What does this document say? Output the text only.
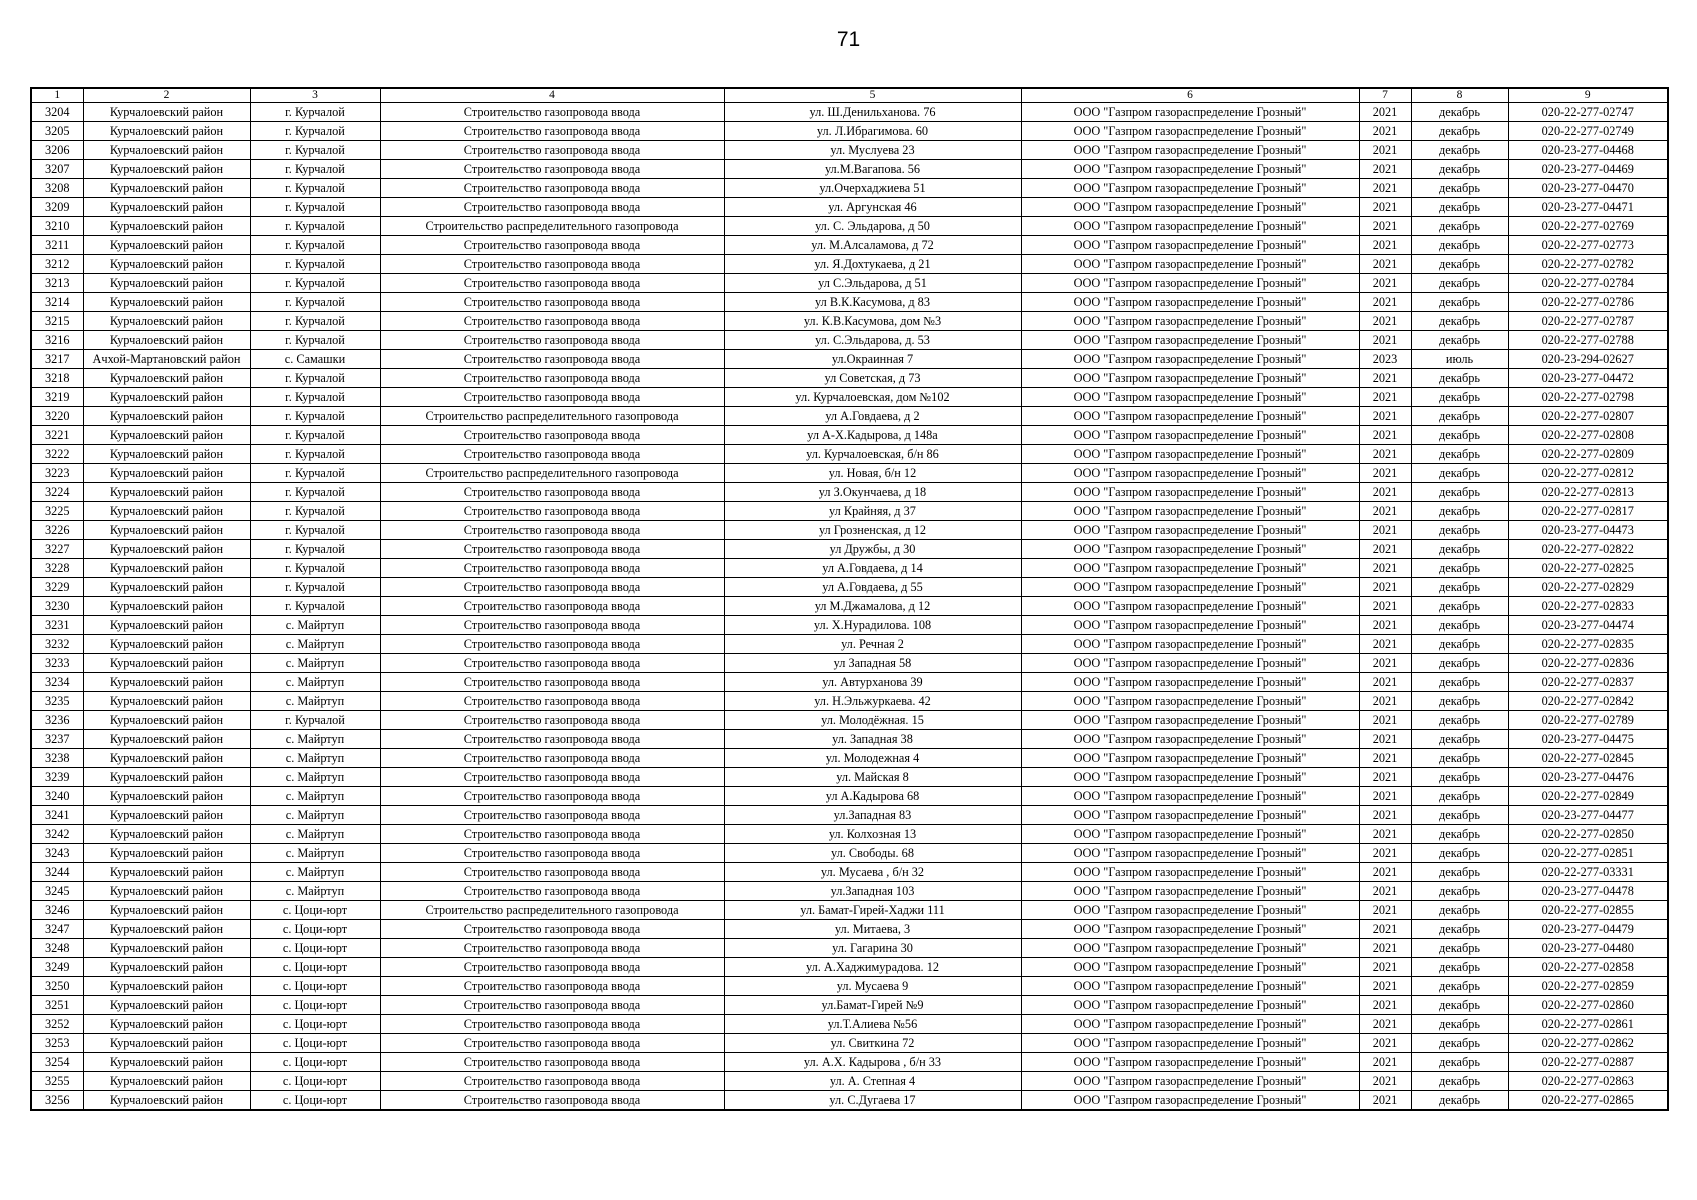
71
1	2	3	4	5	6	7	8	9
3204	Курчалоевский район	г. Курчалой	Строительство газопровода ввода	ул. Ш.Денильханова. 76	ООО "Газпром газораспределение Грозный"	2021	декабрь	020-22-277-02747
3205	Курчалоевский район	г. Курчалой	Строительство газопровода ввода	ул. Л.Ибрагимова. 60	ООО "Газпром газораспределение Грозный"	2021	декабрь	020-22-277-02749
3206	Курчалоевский район	г. Курчалой	Строительство газопровода ввода	ул. Муслуева 23	ООО "Газпром газораспределение Грозный"	2021	декабрь	020-23-277-04468
3207	Курчалоевский район	г. Курчалой	Строительство газопровода ввода	ул.М.Вагапова. 56	ООО "Газпром газораспределение Грозный"	2021	декабрь	020-23-277-04469
3208	Курчалоевский район	г. Курчалой	Строительство газопровода ввода	ул.Очерхаджиева 51	ООО "Газпром газораспределение Грозный"	2021	декабрь	020-23-277-04470
3209	Курчалоевский район	г. Курчалой	Строительство газопровода ввода	ул. Аргунская 46	ООО "Газпром газораспределение Грозный"	2021	декабрь	020-23-277-04471
3210	Курчалоевский район	г. Курчалой	Строительство распределительного газопровода	ул. С. Эльдарова, д 50	ООО "Газпром газораспределение Грозный"	2021	декабрь	020-22-277-02769
3211	Курчалоевский район	г. Курчалой	Строительство газопровода ввода	ул. М.Алсаламова, д 72	ООО "Газпром газораспределение Грозный"	2021	декабрь	020-22-277-02773
3212	Курчалоевский район	г. Курчалой	Строительство газопровода ввода	ул. Я.Дохтукаева, д 21	ООО "Газпром газораспределение Грозный"	2021	декабрь	020-22-277-02782
3213	Курчалоевский район	г. Курчалой	Строительство газопровода ввода	ул С.Эльдарова, д 51	ООО "Газпром газораспределение Грозный"	2021	декабрь	020-22-277-02784
3214	Курчалоевский район	г. Курчалой	Строительство газопровода ввода	ул В.К.Касумова, д 83	ООО "Газпром газораспределение Грозный"	2021	декабрь	020-22-277-02786
3215	Курчалоевский район	г. Курчалой	Строительство газопровода ввода	ул. К.В.Касумова, дом №3	ООО "Газпром газораспределение Грозный"	2021	декабрь	020-22-277-02787
3216	Курчалоевский район	г. Курчалой	Строительство газопровода ввода	ул. С.Эльдарова, д. 53	ООО "Газпром газораспределение Грозный"	2021	декабрь	020-22-277-02788
3217	Ачхой-Мартановский район	с. Самашки	Строительство газопровода ввода	ул.Окраинная 7	ООО "Газпром газораспределение Грозный"	2023	июль	020-23-294-02627
3218	Курчалоевский район	г. Курчалой	Строительство газопровода ввода	ул Советская, д 73	ООО "Газпром газораспределение Грозный"	2021	декабрь	020-23-277-04472
3219	Курчалоевский район	г. Курчалой	Строительство газопровода ввода	ул. Курчалоевская, дом №102	ООО "Газпром газораспределение Грозный"	2021	декабрь	020-22-277-02798
3220	Курчалоевский район	г. Курчалой	Строительство распределительного газопровода	ул А.Говдаева, д 2	ООО "Газпром газораспределение Грозный"	2021	декабрь	020-22-277-02807
3221	Курчалоевский район	г. Курчалой	Строительство газопровода ввода	ул А-Х.Кадырова, д 148а	ООО "Газпром газораспределение Грозный"	2021	декабрь	020-22-277-02808
3222	Курчалоевский район	г. Курчалой	Строительство газопровода ввода	ул. Курчалоевская, б/н 86	ООО "Газпром газораспределение Грозный"	2021	декабрь	020-22-277-02809
3223	Курчалоевский район	г. Курчалой	Строительство распределительного газопровода	ул. Новая, б/н 12	ООО "Газпром газораспределение Грозный"	2021	декабрь	020-22-277-02812
3224	Курчалоевский район	г. Курчалой	Строительство газопровода ввода	ул З.Окунчаева, д 18	ООО "Газпром газораспределение Грозный"	2021	декабрь	020-22-277-02813
3225	Курчалоевский район	г. Курчалой	Строительство газопровода ввода	ул Крайняя, д 37	ООО "Газпром газораспределение Грозный"	2021	декабрь	020-22-277-02817
3226	Курчалоевский район	г. Курчалой	Строительство газопровода ввода	ул Грозненская, д 12	ООО "Газпром газораспределение Грозный"	2021	декабрь	020-23-277-04473
3227	Курчалоевский район	г. Курчалой	Строительство газопровода ввода	ул Дружбы, д 30	ООО "Газпром газораспределение Грозный"	2021	декабрь	020-22-277-02822
3228	Курчалоевский район	г. Курчалой	Строительство газопровода ввода	ул А.Говдаева, д 14	ООО "Газпром газораспределение Грозный"	2021	декабрь	020-22-277-02825
3229	Курчалоевский район	г. Курчалой	Строительство газопровода ввода	ул А.Говдаева, д 55	ООО "Газпром газораспределение Грозный"	2021	декабрь	020-22-277-02829
3230	Курчалоевский район	г. Курчалой	Строительство газопровода ввода	ул М.Джамалова, д 12	ООО "Газпром газораспределение Грозный"	2021	декабрь	020-22-277-02833
3231	Курчалоевский район	с. Майртуп	Строительство газопровода ввода	ул. Х.Нурадилова. 108	ООО "Газпром газораспределение Грозный"	2021	декабрь	020-23-277-04474
3232	Курчалоевский район	с. Майртуп	Строительство газопровода ввода	ул. Речная 2	ООО "Газпром газораспределение Грозный"	2021	декабрь	020-22-277-02835
3233	Курчалоевский район	с. Майртуп	Строительство газопровода ввода	ул Западная 58	ООО "Газпром газораспределение Грозный"	2021	декабрь	020-22-277-02836
3234	Курчалоевский район	с. Майртуп	Строительство газопровода ввода	ул. Автурханова 39	ООО "Газпром газораспределение Грозный"	2021	декабрь	020-22-277-02837
3235	Курчалоевский район	с. Майртуп	Строительство газопровода ввода	ул. Н.Эльжуркаева. 42	ООО "Газпром газораспределение Грозный"	2021	декабрь	020-22-277-02842
3236	Курчалоевский район	г. Курчалой	Строительство газопровода ввода	ул. Молодёжная. 15	ООО "Газпром газораспределение Грозный"	2021	декабрь	020-22-277-02789
3237	Курчалоевский район	с. Майртуп	Строительство газопровода ввода	ул. Западная 38	ООО "Газпром газораспределение Грозный"	2021	декабрь	020-23-277-04475
3238	Курчалоевский район	с. Майртуп	Строительство газопровода ввода	ул. Молодежная 4	ООО "Газпром газораспределение Грозный"	2021	декабрь	020-22-277-02845
3239	Курчалоевский район	с. Майртуп	Строительство газопровода ввода	ул. Майская 8	ООО "Газпром газораспределение Грозный"	2021	декабрь	020-23-277-04476
3240	Курчалоевский район	с. Майртуп	Строительство газопровода ввода	ул А.Кадырова 68	ООО "Газпром газораспределение Грозный"	2021	декабрь	020-22-277-02849
3241	Курчалоевский район	с. Майртуп	Строительство газопровода ввода	ул.Западная 83	ООО "Газпром газораспределение Грозный"	2021	декабрь	020-23-277-04477
3242	Курчалоевский район	с. Майртуп	Строительство газопровода ввода	ул. Колхозная 13	ООО "Газпром газораспределение Грозный"	2021	декабрь	020-22-277-02850
3243	Курчалоевский район	с. Майртуп	Строительство газопровода ввода	ул. Свободы. 68	ООО "Газпром газораспределение Грозный"	2021	декабрь	020-22-277-02851
3244	Курчалоевский район	с. Майртуп	Строительство газопровода ввода	ул. Мусаева , б/н 32	ООО "Газпром газораспределение Грозный"	2021	декабрь	020-22-277-03331
3245	Курчалоевский район	с. Майртуп	Строительство газопровода ввода	ул.Западная 103	ООО "Газпром газораспределение Грозный"	2021	декабрь	020-23-277-04478
3246	Курчалоевский район	с. Цоци-юрт	Строительство распределительного газопровода	ул. Бамат-Гирей-Хаджи 111	ООО "Газпром газораспределение Грозный"	2021	декабрь	020-22-277-02855
3247	Курчалоевский район	с. Цоци-юрт	Строительство газопровода ввода	ул. Митаева, 3	ООО "Газпром газораспределение Грозный"	2021	декабрь	020-23-277-04479
3248	Курчалоевский район	с. Цоци-юрт	Строительство газопровода ввода	ул. Гагарина 30	ООО "Газпром газораспределение Грозный"	2021	декабрь	020-23-277-04480
3249	Курчалоевский район	с. Цоци-юрт	Строительство газопровода ввода	ул. А.Хаджимурадова. 12	ООО "Газпром газораспределение Грозный"	2021	декабрь	020-22-277-02858
3250	Курчалоевский район	с. Цоци-юрт	Строительство газопровода ввода	ул. Мусаева 9	ООО "Газпром газораспределение Грозный"	2021	декабрь	020-22-277-02859
3251	Курчалоевский район	с. Цоци-юрт	Строительство газопровода ввода	ул.Бамат-Гирей №9	ООО "Газпром газораспределение Грозный"	2021	декабрь	020-22-277-02860
3252	Курчалоевский район	с. Цоци-юрт	Строительство газопровода ввода	ул.Т.Алиева №56	ООО "Газпром газораспределение Грозный"	2021	декабрь	020-22-277-02861
3253	Курчалоевский район	с. Цоци-юрт	Строительство газопровода ввода	ул. Свиткина 72	ООО "Газпром газораспределение Грозный"	2021	декабрь	020-22-277-02862
3254	Курчалоевский район	с. Цоци-юрт	Строительство газопровода ввода	ул. А.Х. Кадырова , б/н 33	ООО "Газпром газораспределение Грозный"	2021	декабрь	020-22-277-02887
3255	Курчалоевский район	с. Цоци-юрт	Строительство газопровода ввода	ул. А. Степная 4	ООО "Газпром газораспределение Грозный"	2021	декабрь	020-22-277-02863
3256	Курчалоевский район	с. Цоци-юрт	Строительство газопровода ввода	ул. С.Дугаева 17	ООО "Газпром газораспределение Грозный"	2021	декабрь	020-22-277-02865
